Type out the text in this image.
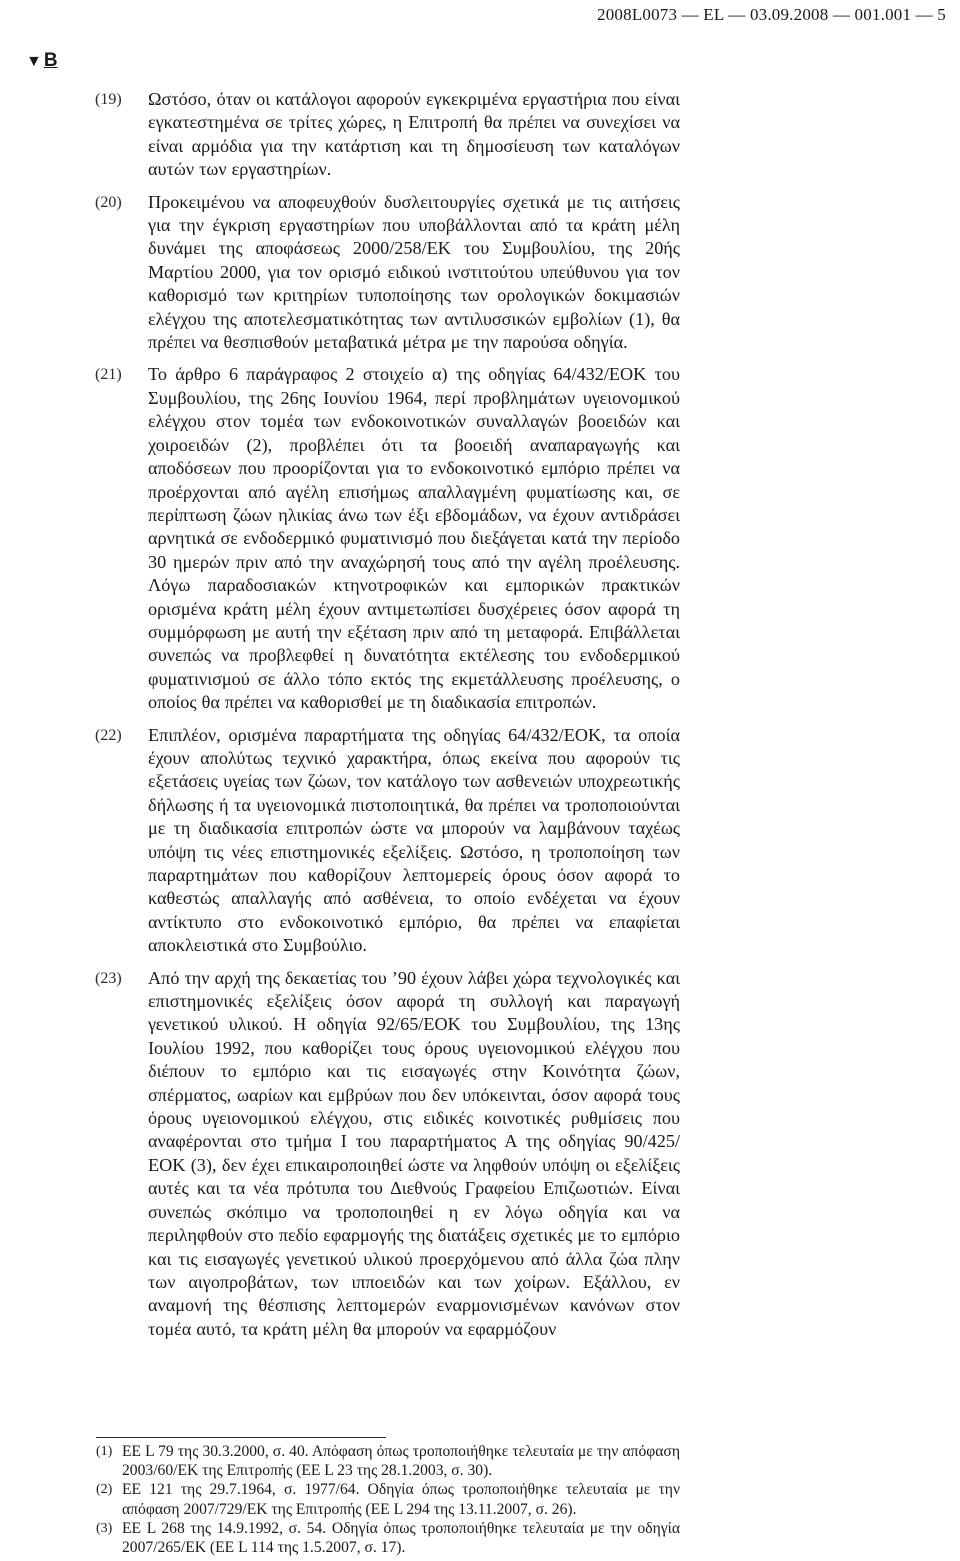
2008L0073 — EL — 03.09.2008 — 001.001 — 5
▼ B
(19) Ωστόσο, όταν οι κατάλογοι αφορούν εγκεκριμένα εργαστήρια που είναι εγκατεστημένα σε τρίτες χώρες, η Επιτροπή θα πρέπει να συνεχίσει να είναι αρμόδια για την κατάρτιση και τη δημοσίευση των καταλόγων αυτών των εργαστηρίων.
(20) Προκειμένου να αποφευχθούν δυσλειτουργίες σχετικά με τις αιτήσεις για την έγκριση εργαστηρίων που υποβάλλονται από τα κράτη μέλη δυνάμει της αποφάσεως 2000/258/ΕΚ του Συμβουλίου, της 20ής Μαρτίου 2000, για τον ορισμό ειδικού ινστιτούτου υπεύθυνου για τον καθορισμό των κριτηρίων τυποποίησης των ορολογικών δοκιμασιών ελέγχου της αποτελεσματικότητας των αντιλυσσικών εμβολίων (1), θα πρέπει να θεσπισθούν μεταβατικά μέτρα με την παρούσα οδηγία.
(21) Το άρθρο 6 παράγραφος 2 στοιχείο α) της οδηγίας 64/432/ΕΟΚ του Συμβουλίου, της 26ης Ιουνίου 1964, περί προβλημάτων υγειονομικού ελέγχου στον τομέα των ενδοκοινοτικών συναλλαγών βοοειδών και χοιροειδών (2), προβλέπει ότι τα βοοειδή αναπαραγωγής και αποδόσεων που προορίζονται για το ενδοκοινοτικό εμπόριο πρέπει να προέρχονται από αγέλη επισήμως απαλλαγμένη φυματίωσης και, σε περίπτωση ζώων ηλικίας άνω των έξι εβδομάδων, να έχουν αντιδράσει αρνητικά σε ενδοδερμικό φυματινισμό που διεξάγεται κατά την περίοδο 30 ημερών πριν από την αναχώρησή τους από την αγέλη προέλευσης. Λόγω παραδοσιακών κτηνοτροφικών και εμπορικών πρακτικών ορισμένα κράτη μέλη έχουν αντιμετωπίσει δυσχέρειες όσον αφορά τη συμμόρφωση με αυτή την εξέταση πριν από τη μεταφορά. Επιβάλλεται συνεπώς να προβλεφθεί η δυνατότητα εκτέλεσης του ενδοδερμικού φυματινισμού σε άλλο τόπο εκτός της εκμετάλλευσης προέλευσης, ο οποίος θα πρέπει να καθορισθεί με τη διαδικασία επιτροπών.
(22) Επιπλέον, ορισμένα παραρτήματα της οδηγίας 64/432/ΕΟΚ, τα οποία έχουν απολύτως τεχνικό χαρακτήρα, όπως εκείνα που αφορούν τις εξετάσεις υγείας των ζώων, τον κατάλογο των ασθενειών υποχρεωτικής δήλωσης ή τα υγειονομικά πιστοποιητικά, θα πρέπει να τροποποιούνται με τη διαδικασία επιτροπών ώστε να μπορούν να λαμβάνουν ταχέως υπόψη τις νέες επιστημονικές εξελίξεις. Ωστόσο, η τροποποίηση των παραρτημάτων που καθορίζουν λεπτομερείς όρους όσον αφορά το καθεστώς απαλλαγής από ασθένεια, το οποίο ενδέχεται να έχουν αντίκτυπο στο ενδοκοινοτικό εμπόριο, θα πρέπει να επαφίεται αποκλειστικά στο Συμβούλιο.
(23) Από την αρχή της δεκαετίας του ’90 έχουν λάβει χώρα τεχνολογικές και επιστημονικές εξελίξεις όσον αφορά τη συλλογή και παραγωγή γενετικού υλικού. Η οδηγία 92/65/ΕΟΚ του Συμβουλίου, της 13ης Ιουλίου 1992, που καθορίζει τους όρους υγειονομικού ελέγχου που διέπουν το εμπόριο και τις εισαγωγές στην Κοινότητα ζώων, σπέρματος, ωαρίων και εμβρύων που δεν υπόκεινται, όσον αφορά τους όρους υγειονομικού ελέγχου, στις ειδικές κοινοτικές ρυθμίσεις που αναφέρονται στο τμήμα Ι του παραρτήματος Α της οδηγίας 90/425/ΕΟΚ (3), δεν έχει επικαιροποιηθεί ώστε να ληφθούν υπόψη οι εξελίξεις αυτές και τα νέα πρότυπα του Διεθνούς Γραφείου Επιζωοτιών. Είναι συνεπώς σκόπιμο να τροποποιηθεί η εν λόγω οδηγία και να περιληφθούν στο πεδίο εφαρμογής της διατάξεις σχετικές με το εμπόριο και τις εισαγωγές γενετικού υλικού προερχόμενου από άλλα ζώα πλην των αιγοπροβάτων, των ιπποειδών και των χοίρων. Εξάλλου, εν αναμονή της θέσπισης λεπτομερών εναρμονισμένων κανόνων στον τομέα αυτό, τα κράτη μέλη θα μπορούν να εφαρμόζουν
(1) ΕΕ L 79 της 30.3.2000, σ. 40. Απόφαση όπως τροποποιήθηκε τελευταία με την απόφαση 2003/60/ΕΚ της Επιτροπής (ΕΕ L 23 της 28.1.2003, σ. 30).
(2) ΕΕ 121 της 29.7.1964, σ. 1977/64. Οδηγία όπως τροποποιήθηκε τελευταία με την απόφαση 2007/729/ΕΚ της Επιτροπής (ΕΕ L 294 της 13.11.2007, σ. 26).
(3) ΕΕ L 268 της 14.9.1992, σ. 54. Οδηγία όπως τροποποιήθηκε τελευταία με την οδηγία 2007/265/ΕΚ (ΕΕ L 114 της 1.5.2007, σ. 17).
